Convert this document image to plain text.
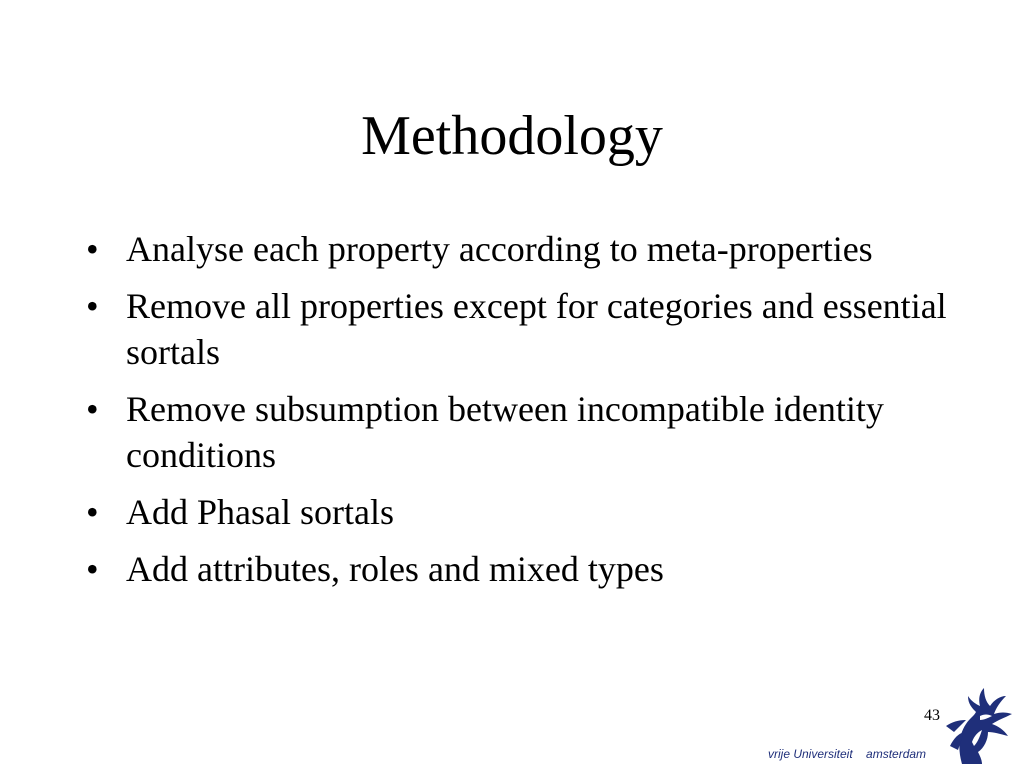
Methodology
• Analyse each property according to meta-properties
• Remove all properties except for categories and essential sortals
• Remove subsumption between incompatible identity conditions
• Add Phasal sortals
• Add attributes, roles and mixed types
43
vrije Universiteit amsterdam
